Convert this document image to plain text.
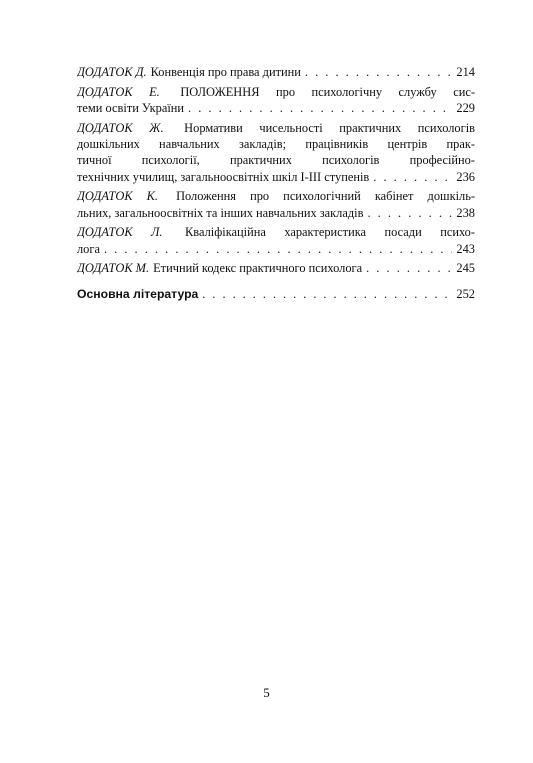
ДОДАТОК Д. Конвенція про права дитини . . .	214
ДОДАТОК Е. ПОЛОЖЕННЯ про психологічну службу сис-
теми освіти України . . .	229
ДОДАТОК Ж. Нормативи чисельності практичних психологів
дошкільних навчальних закладів; працівників центрів прак-
тичної психології, практичних психологів професійно-
технічних училищ, загальноосвітніх шкіл І-ІІІ ступенів . . .	236
ДОДАТОК К. Положення про психологічний кабінет дошкіль-
льних, загальноосвітніх та інших навчальних закладів . . .	238
ДОДАТОК Л. Кваліфікаційна характеристика посади психо-
лога . . .	243
ДОДАТОК М. Етичний кодекс практичного психолога . . .	245
Основна література . . .	252
5
